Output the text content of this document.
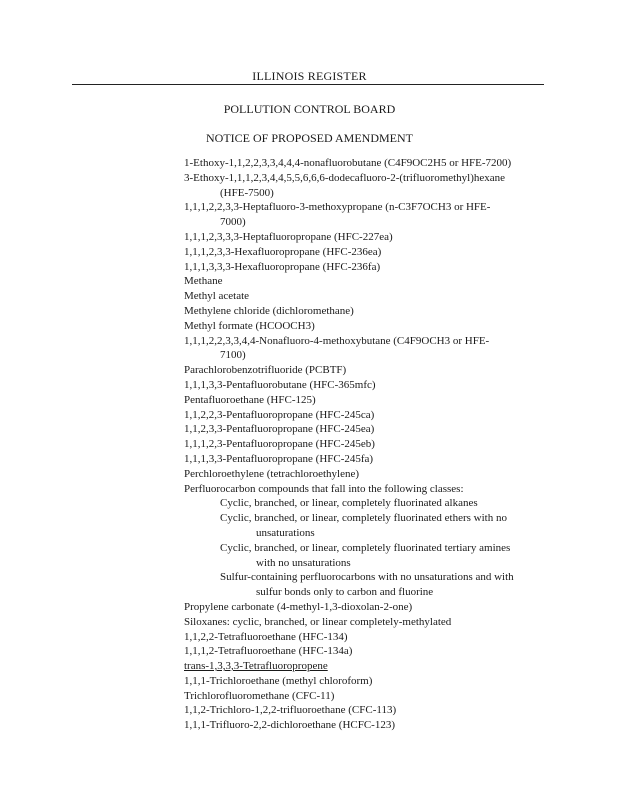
ILLINOIS REGISTER
POLLUTION CONTROL BOARD
NOTICE OF PROPOSED AMENDMENT
1-Ethoxy-1,1,2,2,3,3,4,4,4-nonafluorobutane (C4F9OC2H5 or HFE-7200)
3-Ethoxy-1,1,1,2,3,4,4,5,5,6,6,6-dodecafluoro-2-(trifluoromethyl)hexane
(HFE-7500)
1,1,1,2,2,3,3-Heptafluoro-3-methoxypropane (n-C3F7OCH3 or HFE-
7000)
1,1,1,2,3,3,3-Heptafluoropropane (HFC-227ea)
1,1,1,2,3,3-Hexafluoropropane (HFC-236ea)
1,1,1,3,3,3-Hexafluoropropane (HFC-236fa)
Methane
Methyl acetate
Methylene chloride (dichloromethane)
Methyl formate (HCOOCH3)
1,1,1,2,2,3,3,4,4-Nonafluoro-4-methoxybutane (C4F9OCH3 or HFE-
7100)
Parachlorobenzotrifluoride (PCBTF)
1,1,1,3,3-Pentafluorobutane (HFC-365mfc)
Pentafluoroethane (HFC-125)
1,1,2,2,3-Pentafluoropropane (HFC-245ca)
1,1,2,3,3-Pentafluoropropane (HFC-245ea)
1,1,1,2,3-Pentafluoropropane (HFC-245eb)
1,1,1,3,3-Pentafluoropropane (HFC-245fa)
Perchloroethylene (tetrachloroethylene)
Perfluorocarbon compounds that fall into the following classes:
Cyclic, branched, or linear, completely fluorinated alkanes
Cyclic, branched, or linear, completely fluorinated ethers with no
unsaturations
Cyclic, branched, or linear, completely fluorinated tertiary amines
with no unsaturations
Sulfur-containing perfluorocarbons with no unsaturations and with
sulfur bonds only to carbon and fluorine
Propylene carbonate (4-methyl-1,3-dioxolan-2-one)
Siloxanes: cyclic, branched, or linear completely-methylated
1,1,2,2-Tetrafluoroethane (HFC-134)
1,1,1,2-Tetrafluoroethane (HFC-134a)
trans-1,3,3,3-Tetrafluoropropene
1,1,1-Trichloroethane (methyl chloroform)
Trichlorofluoromethane (CFC-11)
1,1,2-Trichloro-1,2,2-trifluoroethane (CFC-113)
1,1,1-Trifluoro-2,2-dichloroethane (HCFC-123)
